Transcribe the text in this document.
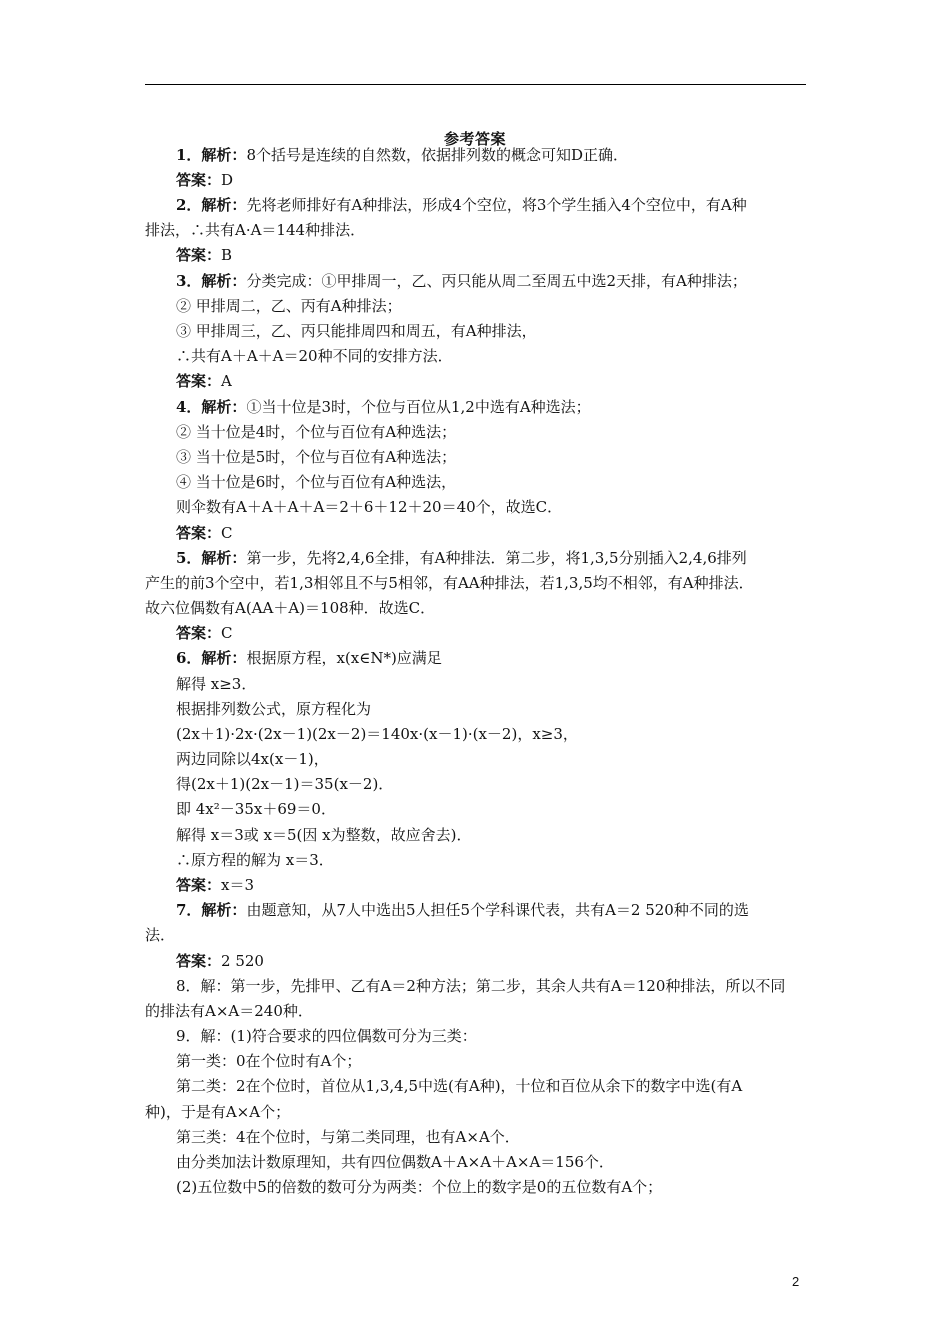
参考答案
1．解析：8个括号是连续的自然数，依据排列数的概念可知D正确．
答案：D
2．解析：先将老师排好有A种排法，形成4个空位，将3个学生插入4个空位中，有A种
排法，∴共有A·A＝144种排法．
答案：B
3．解析：分类完成：①甲排周一，乙、丙只能从周二至周五中选2天排，有A种排法；
② 甲排周二，乙、丙有A种排法；
③ 甲排周三，乙、丙只能排周四和周五，有A种排法，
∴共有A＋A＋A＝20种不同的安排方法．
答案：A
4．解析：①当十位是3时，个位与百位从1,2中选有A种选法；
② 当十位是4时，个位与百位有A种选法；
③ 当十位是5时，个位与百位有A种选法；
④ 当十位是6时，个位与百位有A种选法，
则伞数有A＋A＋A＋A＝2＋6＋12＋20＝40个，故选C．
答案：C
5．解析：第一步，先将2,4,6全排，有A种排法．第二步，将1,3,5分别插入2,4,6排列
产生的前3个空中，若1,3相邻且不与5相邻，有AA种排法，若1,3,5均不相邻，有A种排法．
故六位偶数有A(AA＋A)＝108种．故选C．
答案：C
6．解析：根据原方程，x(x∈N*)应满足
解得 x≥3．
根据排列数公式，原方程化为
(2x＋1)·2x·(2x－1)(2x－2)＝140x·(x－1)·(x－2)，x≥3，
两边同除以4x(x－1)，
得(2x＋1)(2x－1)＝35(x－2)．
即 4x²－35x＋69＝0．
解得 x＝3或 x＝5(因 x为整数，故应舍去)．
∴原方程的解为 x＝3．
答案：x＝3
7．解析：由题意知，从7人中选出5人担任5个学科课代表，共有A＝2 520种不同的选
法．
答案：2 520
8．解：第一步，先排甲、乙有A＝2种方法；第二步，其余人共有A＝120种排法，所以不同
的排法有A×A＝240种．
9．解：(1)符合要求的四位偶数可分为三类：
第一类：0在个位时有A个；
第二类：2在个位时，首位从1,3,4,5中选(有A种)，十位和百位从余下的数字中选(有A
种)，于是有A×A个；
第三类：4在个位时，与第二类同理，也有A×A个．
由分类加法计数原理知，共有四位偶数A＋A×A＋A×A＝156个．
(2)五位数中5的倍数的数可分为两类：个位上的数字是0的五位数有A个；
2
